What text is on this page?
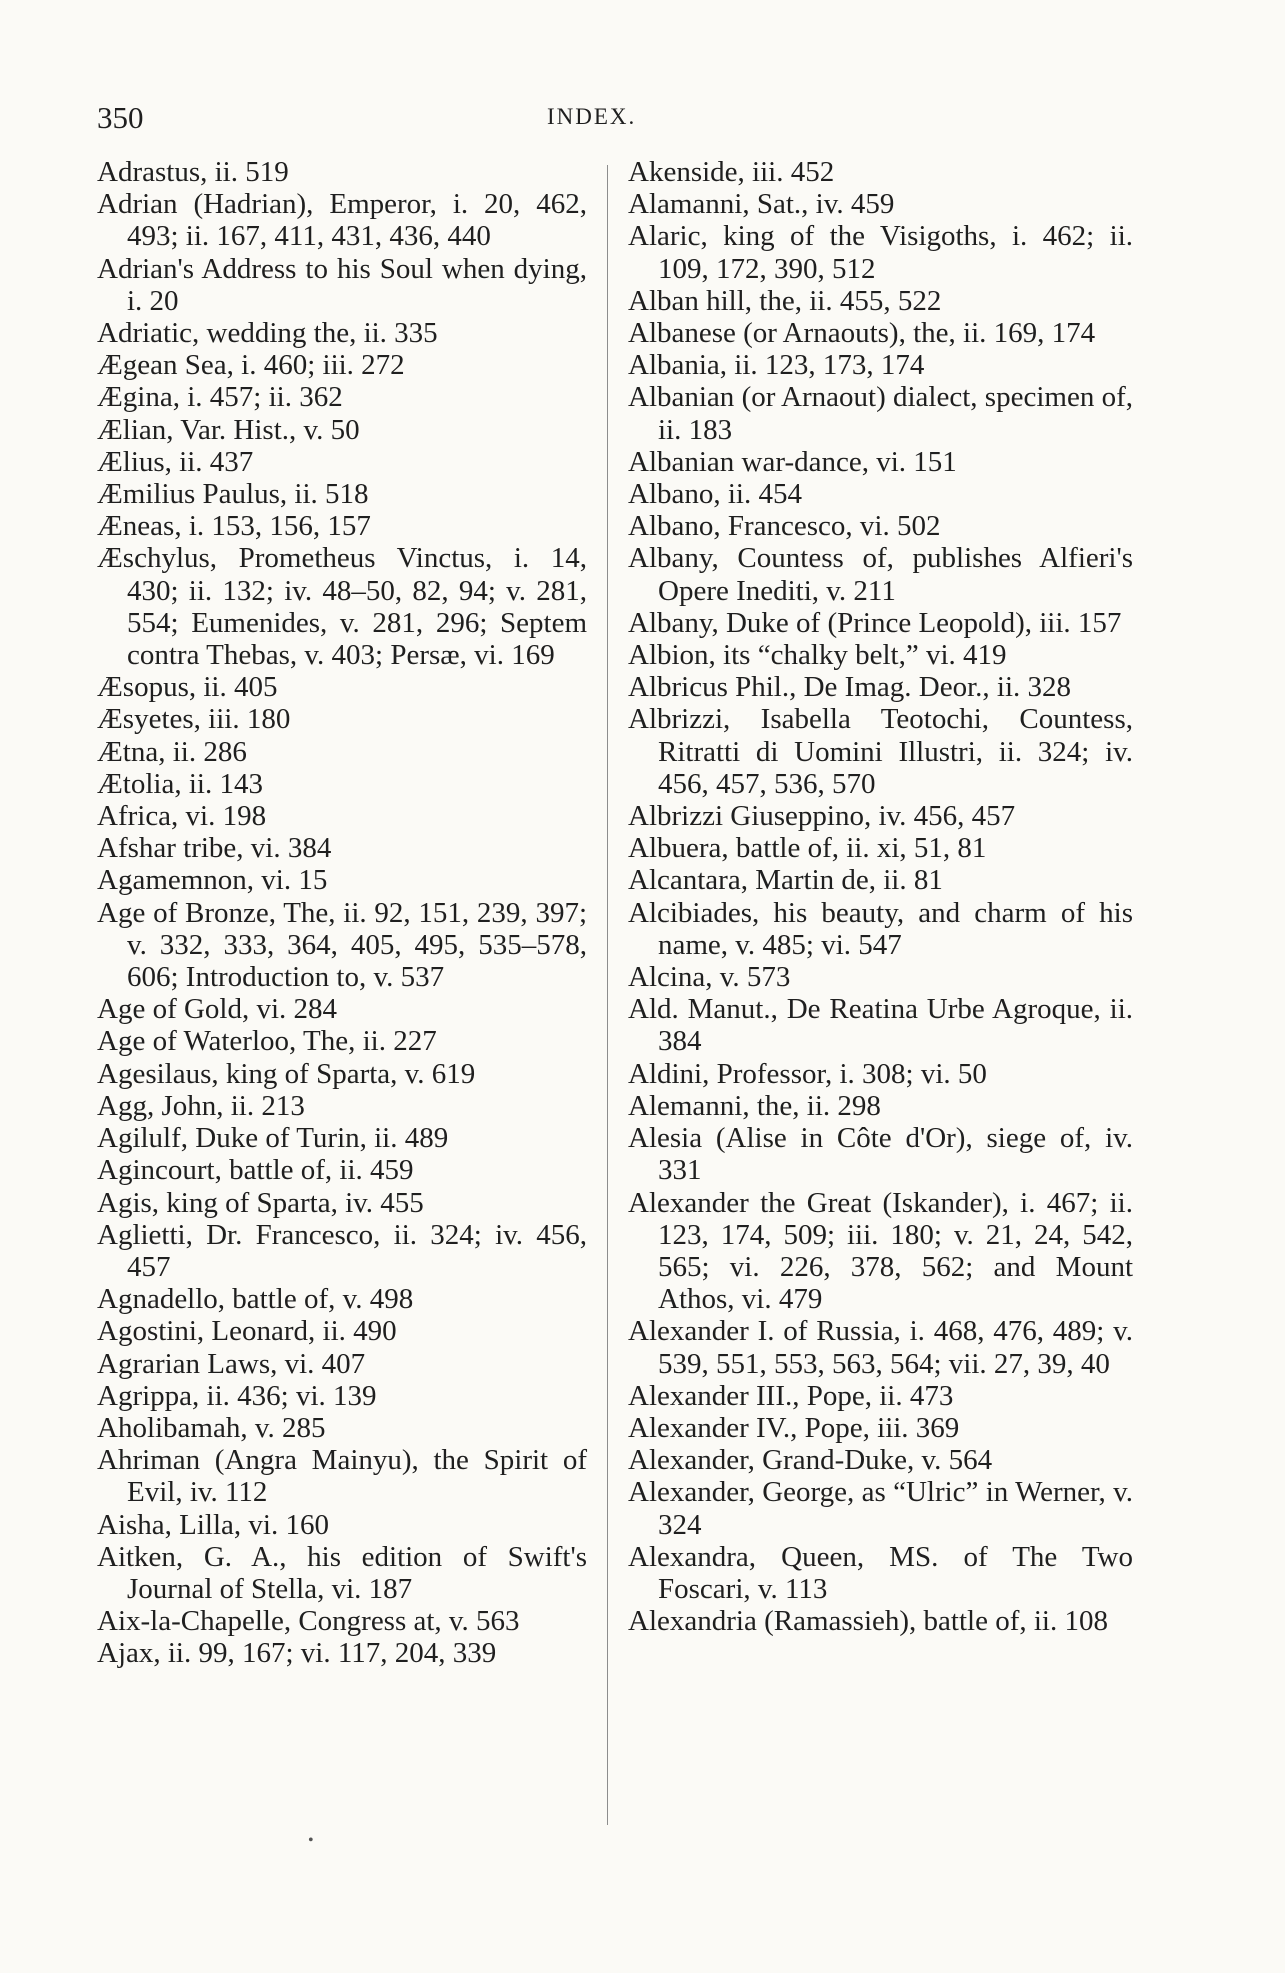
350	INDEX.

Adrastus, ii. 519

Adrian (Hadrian), Emperor, i. 20, 462, 493; ii. 167, 411, 431, 436, 440

Adrian's Address to his Soul when dying, i. 20

Adriatic, wedding the, ii. 335

Ægean Sea, i. 460; iii. 272

Ægina, i. 457; ii. 362

Ælian, Var. Hist., v. 50

Ælius, ii. 437

Æmilius Paulus, ii. 518

Æneas, i. 153, 156, 157

Æschylus, Prometheus Vinctus, i. 14, 430; ii. 132; iv. 48–50, 82, 94; v. 281, 554; Eumenides, v. 281, 296; Septem contra Thebas, v. 403; Persæ, vi. 169

Æsopus, ii. 405

Æsyetes, iii. 180

Ætna, ii. 286

Ætolia, ii. 143

Africa, vi. 198

Afshar tribe, vi. 384

Agamemnon, vi. 15

Age of Bronze, The, ii. 92, 151, 239, 397; v. 332, 333, 364, 405, 495, 535–578, 606; Introduction to, v. 537

Age of Gold, vi. 284

Age of Waterloo, The, ii. 227

Agesilaus, king of Sparta, v. 619

Agg, John, ii. 213

Agilulf, Duke of Turin, ii. 489

Agincourt, battle of, ii. 459

Agis, king of Sparta, iv. 455

Aglietti, Dr. Francesco, ii. 324; iv. 456, 457

Agnadello, battle of, v. 498

Agostini, Leonard, ii. 490

Agrarian Laws, vi. 407

Agrippa, ii. 436; vi. 139

Aholibamah, v. 285

Ahriman (Angra Mainyu), the Spirit of Evil, iv. 112

Aisha, Lilla, vi. 160

Aitken, G. A., his edition of Swift's Journal of Stella, vi. 187

Aix-la-Chapelle, Congress at, v. 563

Ajax, ii. 99, 167; vi. 117, 204, 339

Akenside, iii. 452

Alamanni, Sat., iv. 459

Alaric, king of the Visigoths, i. 462; ii. 109, 172, 390, 512

Alban hill, the, ii. 455, 522

Albanese (or Arnaouts), the, ii. 169, 174

Albania, ii. 123, 173, 174

Albanian (or Arnaout) dialect, specimen of, ii. 183

Albanian war-dance, vi. 151

Albano, ii. 454

Albano, Francesco, vi. 502

Albany, Countess of, publishes Alfieri's Opere Inediti, v. 211

Albany, Duke of (Prince Leopold), iii. 157

Albion, its “chalky belt,” vi. 419

Albricus Phil., De Imag. Deor., ii. 328

Albrizzi, Isabella Teotochi, Countess, Ritratti di Uomini Illustri, ii. 324; iv. 456, 457, 536, 570

Albrizzi Giuseppino, iv. 456, 457

Albuera, battle of, ii. xi, 51, 81

Alcantara, Martin de, ii. 81

Alcibiades, his beauty, and charm of his name, v. 485; vi. 547

Alcina, v. 573

Ald. Manut., De Reatina Urbe Agroque, ii. 384

Aldini, Professor, i. 308; vi. 50

Alemanni, the, ii. 298

Alesia (Alise in Côte d'Or), siege of, iv. 331

Alexander the Great (Iskander), i. 467; ii. 123, 174, 509; iii. 180; v. 21, 24, 542, 565; vi. 226, 378, 562; and Mount Athos, vi. 479

Alexander I. of Russia, i. 468, 476, 489; v. 539, 551, 553, 563, 564; vii. 27, 39, 40

Alexander III., Pope, ii. 473

Alexander IV., Pope, iii. 369

Alexander, Grand-Duke, v. 564

Alexander, George, as “Ulric” in Werner, v. 324

Alexandra, Queen, MS. of The Two Foscari, v. 113

Alexandria (Ramassieh), battle of, ii. 108

•
